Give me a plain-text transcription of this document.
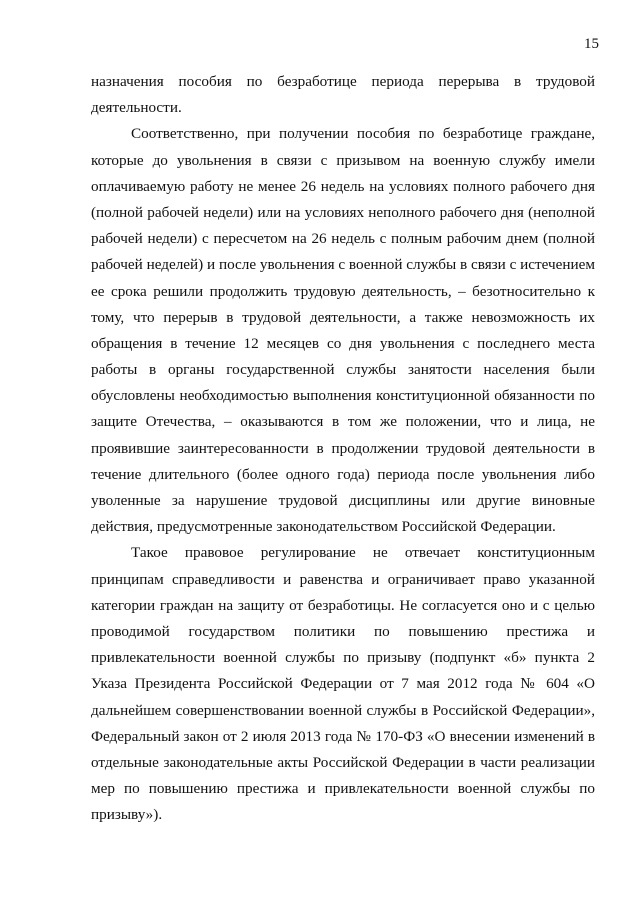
15
назначения пособия по безработице периода перерыва в трудовой
деятельности.
Соответственно, при получении пособия по безработице граждане,
которые до увольнения в связи с призывом на военную службу имели
оплачиваемую работу не менее 26 недель на условиях полного рабочего дня
(полной рабочей недели) или на условиях неполного рабочего дня (неполной
рабочей недели) с пересчетом на 26 недель с полным рабочим днем (полной
рабочей неделей) и после увольнения с военной службы в связи с истечением
ее срока решили продолжить трудовую деятельность, – безотносительно к
тому, что перерыв в трудовой деятельности, а также невозможность их
обращения в течение 12 месяцев со дня увольнения с последнего места
работы в органы государственной службы занятости населения были
обусловлены необходимостью выполнения конституционной обязанности по
защите Отечества, – оказываются в том же положении, что и лица, не
проявившие заинтересованности в продолжении трудовой деятельности в
течение длительного (более одного года) периода после увольнения либо
уволенные за нарушение трудовой дисциплины или другие виновные
действия, предусмотренные законодательством Российской Федерации.
Такое правовое регулирование не отвечает конституционным
принципам справедливости и равенства и ограничивает право указанной
категории граждан на защиту от безработицы. Не согласуется оно и с целью
проводимой государством политики по повышению престижа и
привлекательности военной службы по призыву (подпункт «б» пункта 2
Указа Президента Российской Федерации от 7 мая 2012 года № 604 «О
дальнейшем совершенствовании военной службы в Российской Федерации»,
Федеральный закон от 2 июля 2013 года № 170-ФЗ «О внесении изменений в
отдельные законодательные акты Российской Федерации в части реализации
мер по повышению престижа и привлекательности военной службы по
призыву»).
